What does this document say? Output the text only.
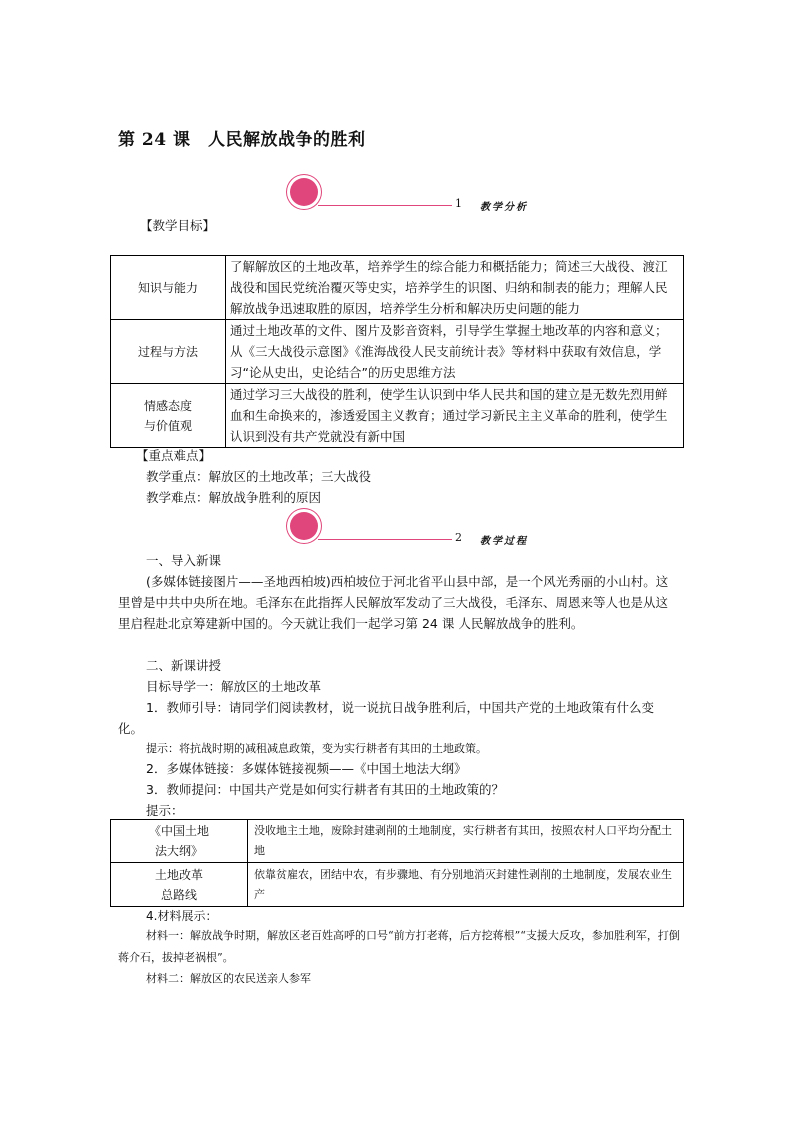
第 24 课　人民解放战争的胜利
1 教学分析
【教学目标】
知识与能力	了解解放区的土地改革，培养学生的综合能力和概括能力；简述三大战役、渡江战役和国民党统治覆灭等史实，培养学生的识图、归纳和制表的能力；理解人民解放战争迅速取胜的原因，培养学生分析和解决历史问题的能力
过程与方法	通过土地改革的文件、图片及影音资料，引导学生掌握土地改革的内容和意义；从《三大战役示意图》《淮海战役人民支前统计表》等材料中获取有效信息，学习“论从史出，史论结合”的历史思维方法
情感态度
与价值观	通过学习三大战役的胜利，使学生认识到中华人民共和国的建立是无数先烈用鲜血和生命换来的，渗透爱国主义教育；通过学习新民主主义革命的胜利，使学生认识到没有共产党就没有新中国
【重点难点】
教学重点：解放区的土地改革；三大战役
教学难点：解放战争胜利的原因
2 教学过程
一、导入新课
(多媒体链接图片——圣地西柏坡)西柏坡位于河北省平山县中部，是一个风光秀丽的小山村。这里曾是中共中央所在地。毛泽东在此指挥人民解放军发动了三大战役，毛泽东、周恩来等人也是从这里启程赴北京筹建新中国的。今天就让我们一起学习第 24 课 人民解放战争的胜利。
二、新课讲授
目标导学一：解放区的土地改革
1．教师引导：请同学们阅读教材，说一说抗日战争胜利后，中国共产党的土地政策有什么变化。
提示：将抗战时期的减租减息政策，变为实行耕者有其田的土地政策。
2．多媒体链接：多媒体链接视频——《中国土地法大纲》
3．教师提问：中国共产党是如何实行耕者有其田的土地政策的？
提示：
《中国土地
法大纲》	没收地主土地，废除封建剥削的土地制度，实行耕者有其田，按照农村人口平均分配土地
土地改革
总路线	依靠贫雇农，团结中农，有步骤地、有分别地消灭封建性剥削的土地制度，发展农业生产
4.材料展示：
材料一：解放战争时期，解放区老百姓高呼的口号“前方打老蒋，后方挖蒋根”“支援大反攻，参加胜利军，打倒蒋介石，拔掉老祸根”。
材料二：解放区的农民送亲人参军
